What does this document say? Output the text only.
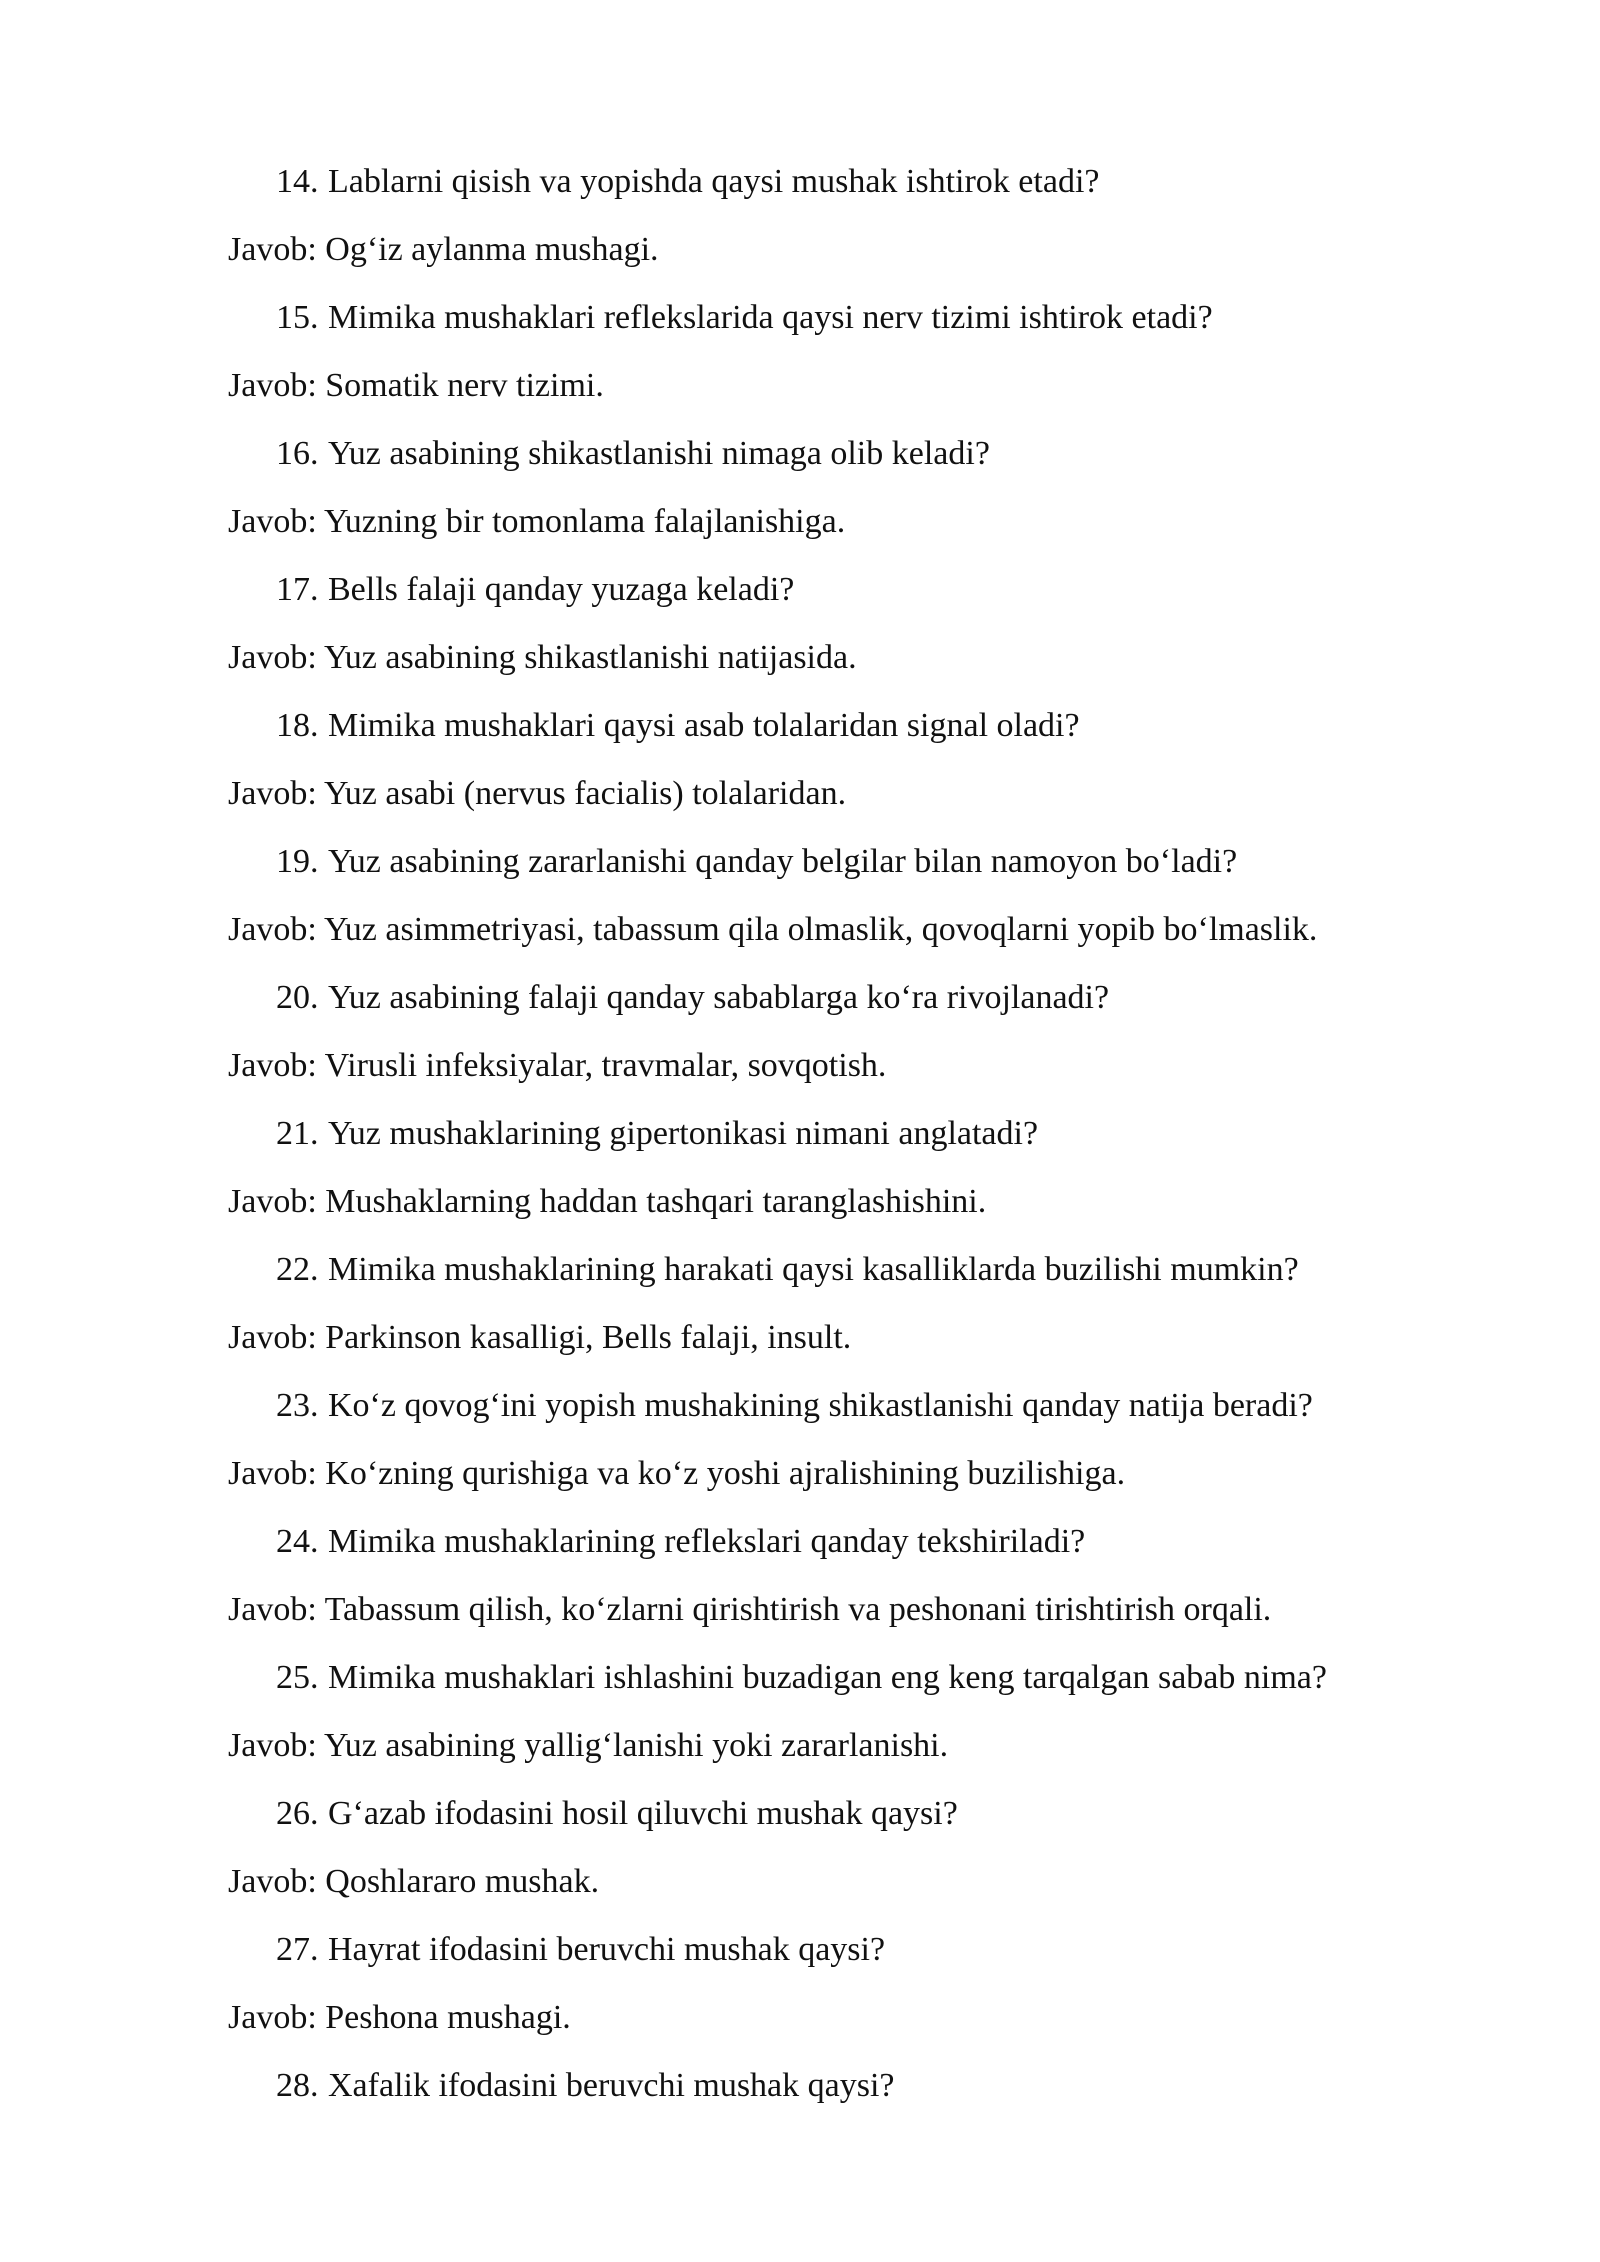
14. Lablarni qisish va yopishda qaysi mushak ishtirok etadi?
Javob: Og‘iz aylanma mushagi.
15. Mimika mushaklari reflekslarida qaysi nerv tizimi ishtirok etadi?
Javob: Somatik nerv tizimi.
16. Yuz asabining shikastlanishi nimaga olib keladi?
Javob: Yuzning bir tomonlama falajlanishiga.
17. Bells falaji qanday yuzaga keladi?
Javob: Yuz asabining shikastlanishi natijasida.
18. Mimika mushaklari qaysi asab tolalaridan signal oladi?
Javob: Yuz asabi (nervus facialis) tolalaridan.
19. Yuz asabining zararlanishi qanday belgilar bilan namoyon bo‘ladi?
Javob: Yuz asimmetriyasi, tabassum qila olmaslik, qovoqlarni yopib bo‘lmaslik.
20. Yuz asabining falaji qanday sabablarga ko‘ra rivojlanadi?
Javob: Virusli infeksiyalar, travmalar, sovqotish.
21. Yuz mushaklarining gipertonikasi nimani anglatadi?
Javob: Mushaklarning haddan tashqari taranglashishini.
22. Mimika mushaklarining harakati qaysi kasalliklarda buzilishi mumkin?
Javob: Parkinson kasalligi, Bells falaji, insult.
23. Ko‘z qovog‘ini yopish mushakining shikastlanishi qanday natija beradi?
Javob: Ko‘zning qurishiga va ko‘z yoshi ajralishining buzilishiga.
24. Mimika mushaklarining reflekslari qanday tekshiriladi?
Javob: Tabassum qilish, ko‘zlarni qirishtirish va peshonani tirishtirish orqali.
25. Mimika mushaklari ishlashini buzadigan eng keng tarqalgan sabab nima?
Javob: Yuz asabining yallig‘lanishi yoki zararlanishi.
26. G‘azab ifodasini hosil qiluvchi mushak qaysi?
Javob: Qoshlararo mushak.
27. Hayrat ifodasini beruvchi mushak qaysi?
Javob: Peshona mushagi.
28. Xafalik ifodasini beruvchi mushak qaysi?
